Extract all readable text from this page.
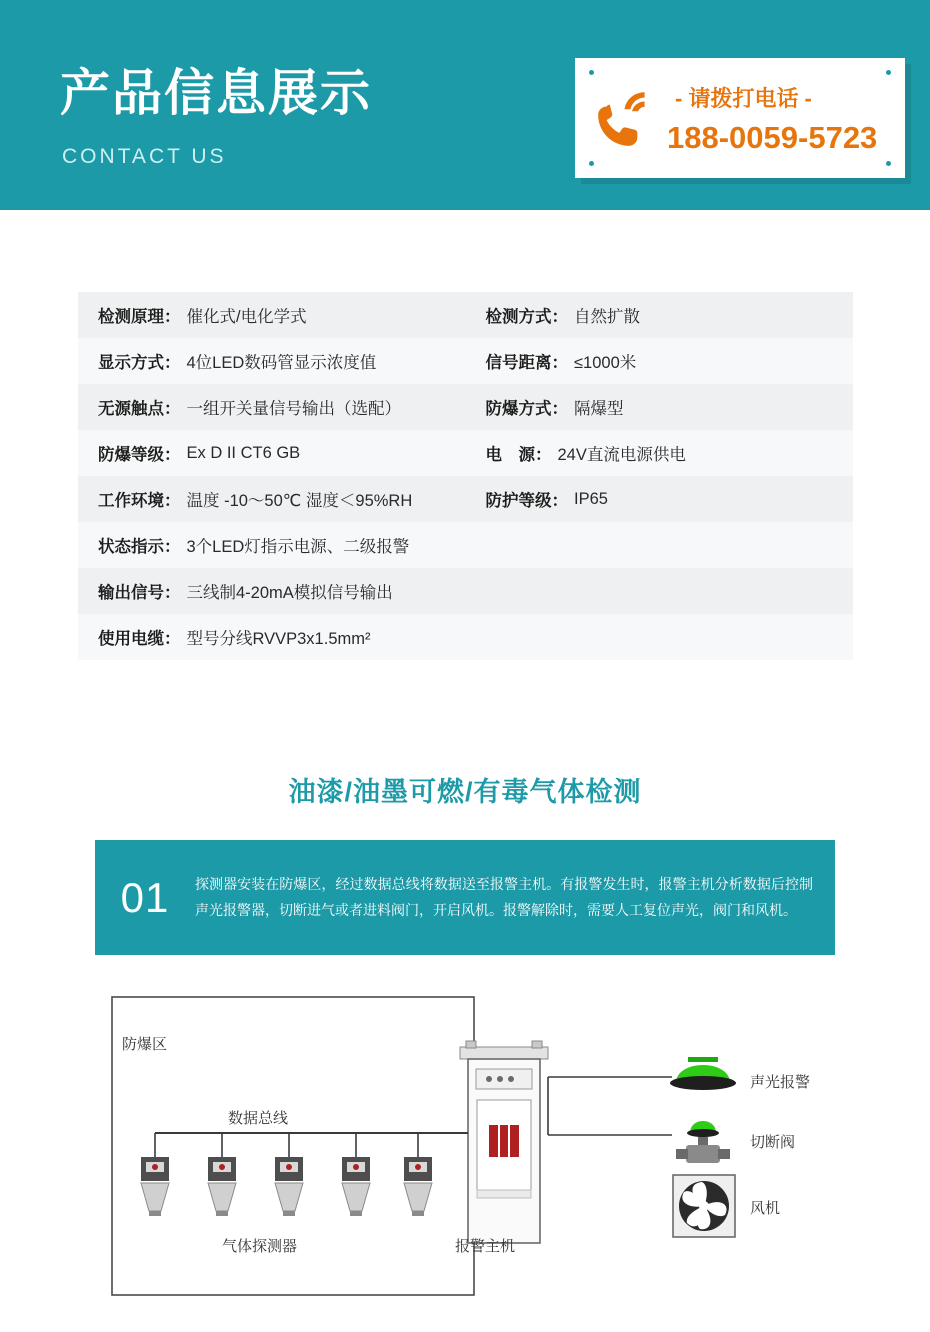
产品信息展示
CONTACT US
- 请拨打电话 -
188-0059-5723
检测原理： 催化式/电化学式	检测方式： 自然扩散
显示方式： 4位LED数码管显示浓度值	信号距离： ≤1000米
无源触点： 一组开关量信号输出（选配）	防爆方式： 隔爆型
防爆等级： Ex D II CT6 GB	电　源： 24V直流电源供电
工作环境： 温度 -10～50℃ 湿度＜95%RH	防护等级： IP65
状态指示： 3个LED灯指示电源、二级报警
输出信号： 三线制4-20mA模拟信号输出
使用电缆： 型号分线RVVP3x1.5mm²
油漆/油墨可燃/有毒气体检测
01	探测器安装在防爆区，经过数据总线将数据送至报警主机。有报警发生时，报警主机分析数据后控制声光报警器，切断进气或者进料阀门，开启风机。报警解除时，需要人工复位声光，阀门和风机。
防爆区
数据总线
气体探测器	报警主机
声光报警
切断阀
风机
